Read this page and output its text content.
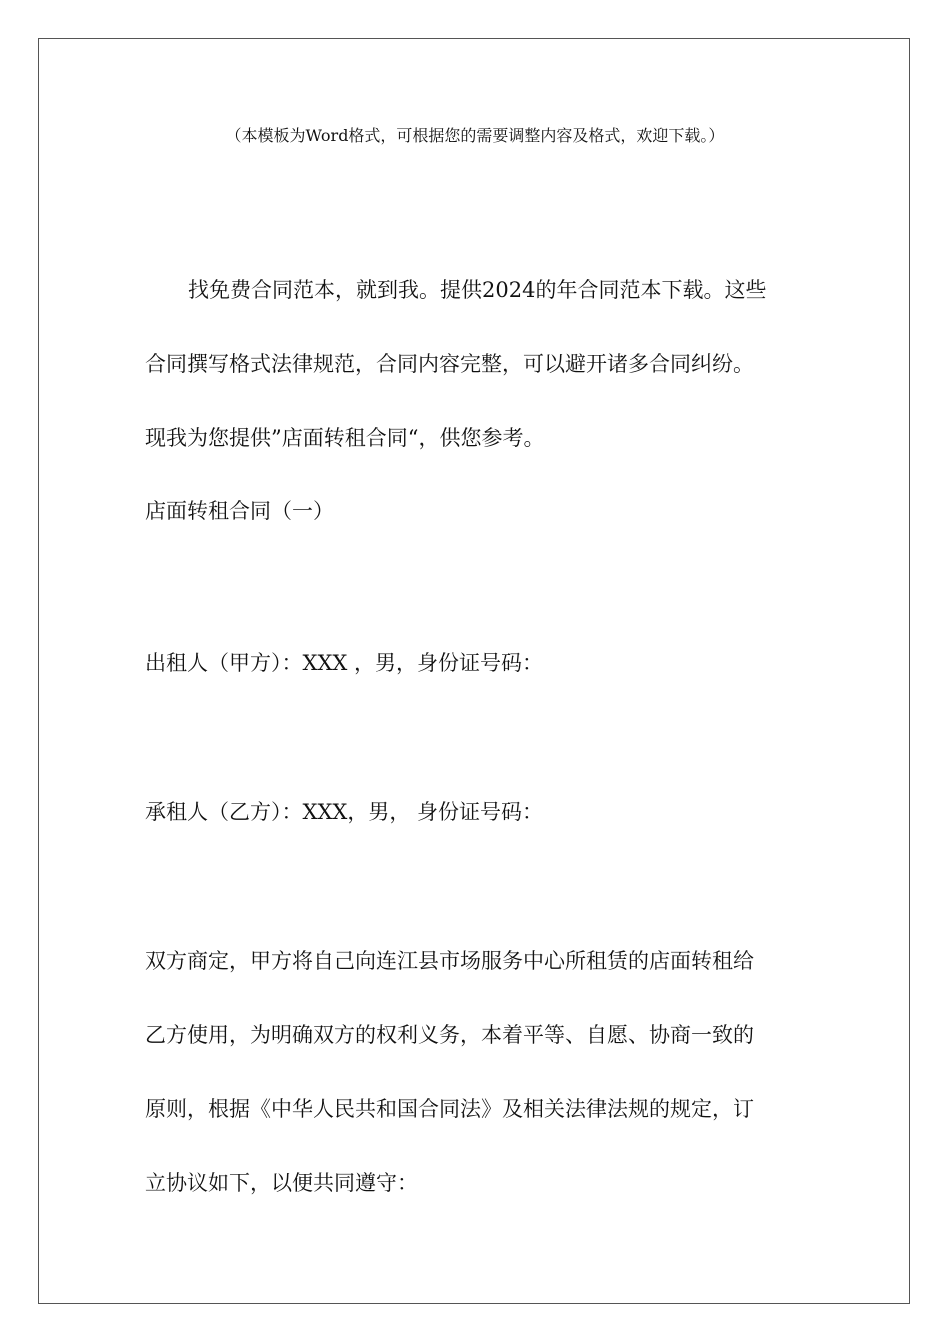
（本模板为Word格式，可根据您的需要调整内容及格式，欢迎下载。）
找免费合同范本，就到我。提供2024的年合同范本下载。这些
合同撰写格式法律规范，合同内容完整，可以避开诸多合同纠纷。
现我为您提供”店面转租合同“，供您参考。
店面转租合同（一）
出租人（甲方）：XXX ，男，身份证号码：
承租人（乙方）：XXX，男， 身份证号码：
双方商定，甲方将自己向连江县市场服务中心所租赁的店面转租给
乙方使用，为明确双方的权利义务，本着平等、自愿、协商一致的
原则，根据《中华人民共和国合同法》及相关法律法规的规定，订
立协议如下，以便共同遵守：
